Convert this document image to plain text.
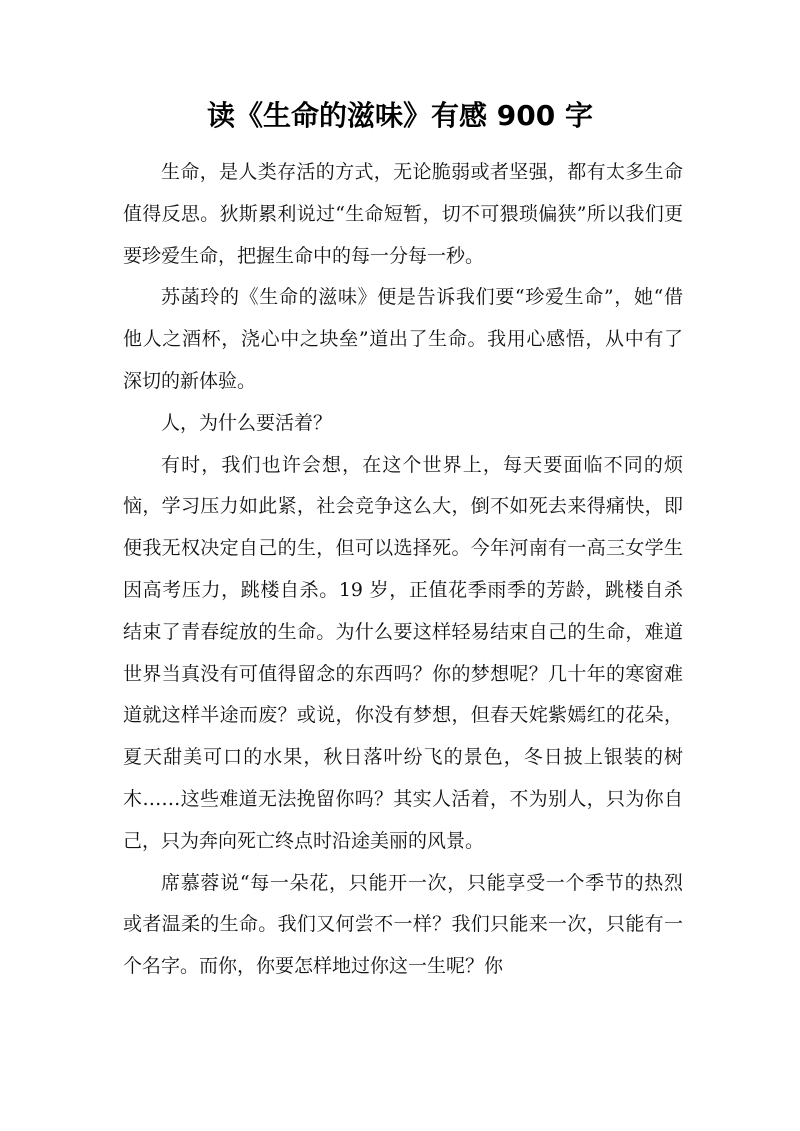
读《生命的滋味》有感 900 字

生命，是人类存活的方式，无论脆弱或者坚强，都有太多生命值得反思。狄斯累利说过“生命短暂，切不可猥琐偏狭”所以我们更要珍爱生命，把握生命中的每一分每一秒。

苏菡玲的《生命的滋味》便是告诉我们要“珍爱生命”，她“借他人之酒杯，浇心中之块垒”道出了生命。我用心感悟，从中有了深切的新体验。

人，为什么要活着？

有时，我们也许会想，在这个世界上，每天要面临不同的烦恼，学习压力如此紧，社会竞争这么大，倒不如死去来得痛快，即便我无权决定自己的生，但可以选择死。今年河南有一高三女学生因高考压力，跳楼自杀。19 岁，正值花季雨季的芳龄，跳楼自杀结束了青春绽放的生命。为什么要这样轻易结束自己的生命，难道世界当真没有可值得留念的东西吗？你的梦想呢？几十年的寒窗难道就这样半途而废？或说，你没有梦想，但春天姹紫嫣红的花朵，夏天甜美可口的水果，秋日落叶纷飞的景色，冬日披上银装的树木……这些难道无法挽留你吗？其实人活着，不为别人，只为你自己，只为奔向死亡终点时沿途美丽的风景。

席慕蓉说“每一朵花，只能开一次，只能享受一个季节的热烈或者温柔的生命。我们又何尝不一样？我们只能来一次，只能有一个名字。而你，你要怎样地过你这一生呢？你
